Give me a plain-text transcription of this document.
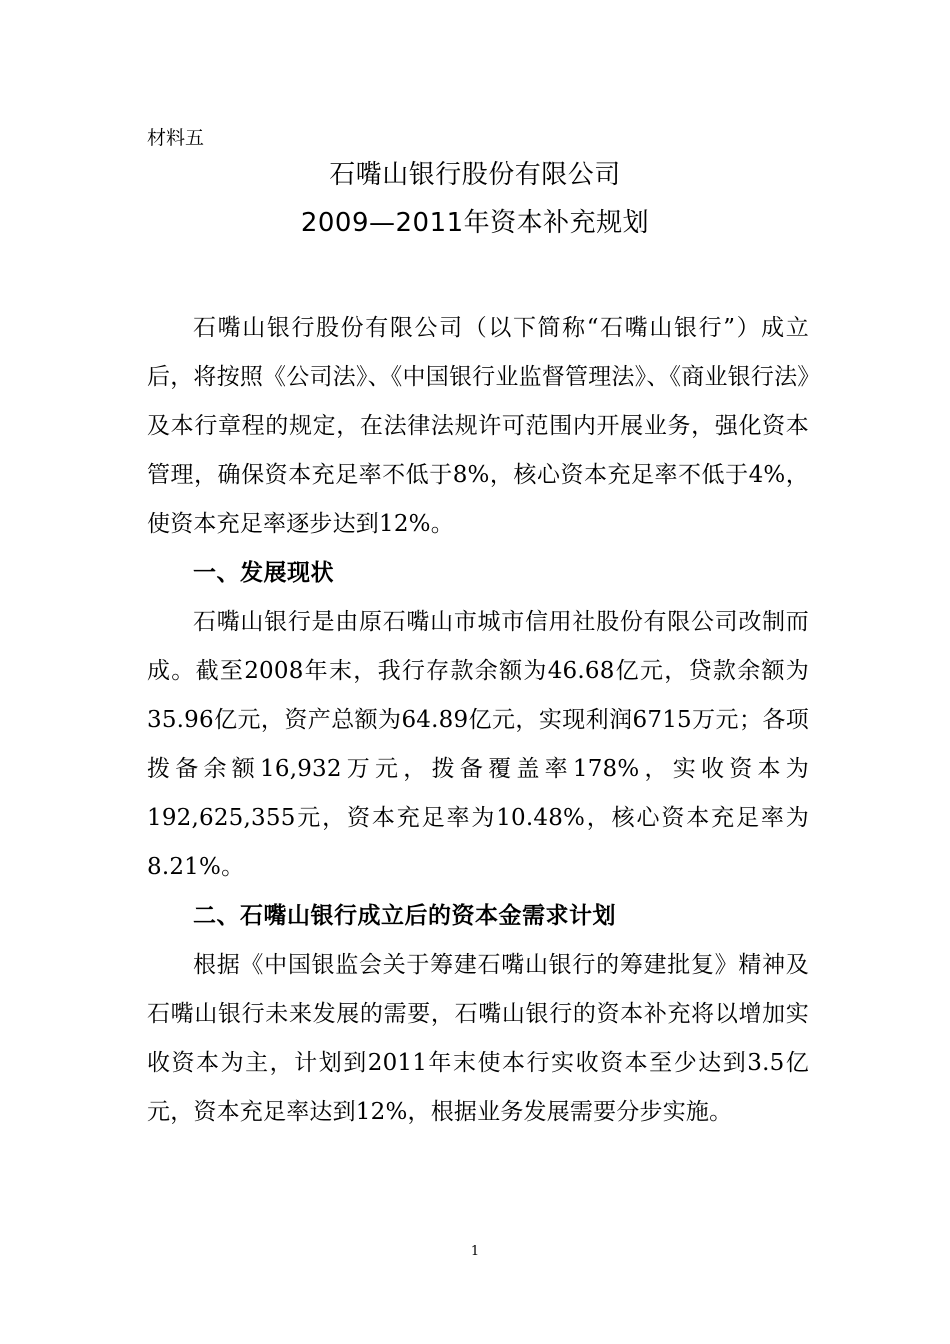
材料五
石嘴山银行股份有限公司
2009—2011年资本补充规划

石嘴山银行股份有限公司（以下简称“石嘴山银行”）成立后，将按照《公司法》、《中国银行业监督管理法》、《商业银行法》及本行章程的规定，在法律法规许可范围内开展业务，强化资本管理，确保资本充足率不低于8%，核心资本充足率不低于4%，使资本充足率逐步达到12%。

一、发展现状

石嘴山银行是由原石嘴山市城市信用社股份有限公司改制而成。截至2008年末，我行存款余额为46.68亿元，贷款余额为35.96亿元，资产总额为64.89亿元，实现利润6715万元；各项拨备余额16,932万元，拨备覆盖率178%，实收资本为192,625,355元，资本充足率为10.48%，核心资本充足率为8.21%。

二、石嘴山银行成立后的资本金需求计划

根据《中国银监会关于筹建石嘴山银行的筹建批复》精神及石嘴山银行未来发展的需要，石嘴山银行的资本补充将以增加实收资本为主，计划到2011年末使本行实收资本至少达到3.5亿元，资本充足率达到12%，根据业务发展需要分步实施。

1
